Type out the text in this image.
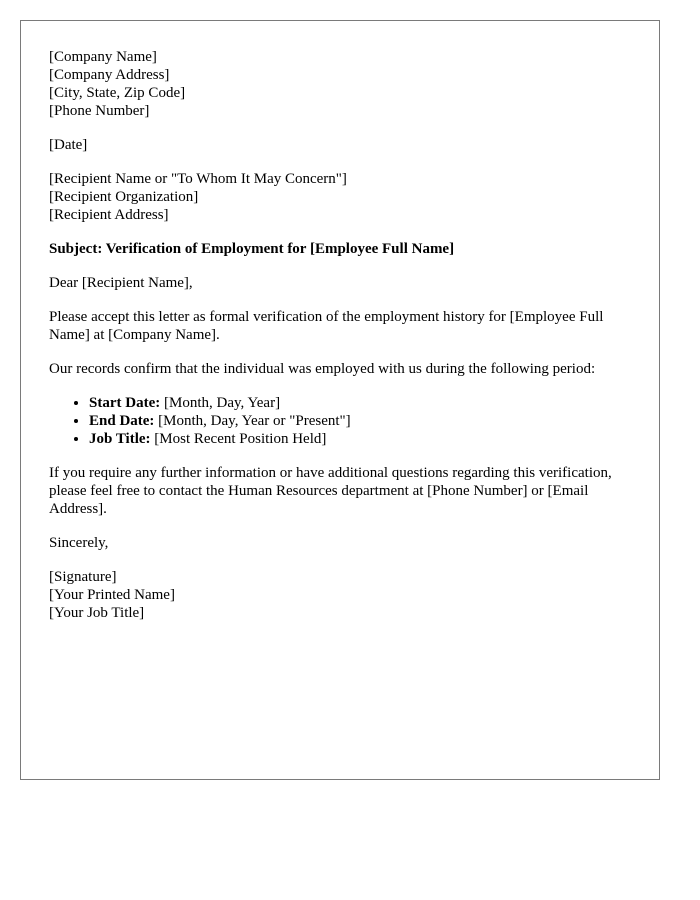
[Company Name]
[Company Address]
[City, State, Zip Code]
[Phone Number]
[Date]
[Recipient Name or "To Whom It May Concern"]
[Recipient Organization]
[Recipient Address]

Subject: Verification of Employment for [Employee Full Name]

Dear [Recipient Name],

Please accept this letter as formal verification of the employment history for [Employee Full Name] at [Company Name].

Our records confirm that the individual was employed with us during the following period:

• Start Date: [Month, Day, Year]
• End Date: [Month, Day, Year or "Present"]
• Job Title: [Most Recent Position Held]

If you require any further information or have additional questions regarding this verification, please feel free to contact the Human Resources department at [Phone Number] or [Email Address].

Sincerely,

[Signature]
[Your Printed Name]
[Your Job Title]
